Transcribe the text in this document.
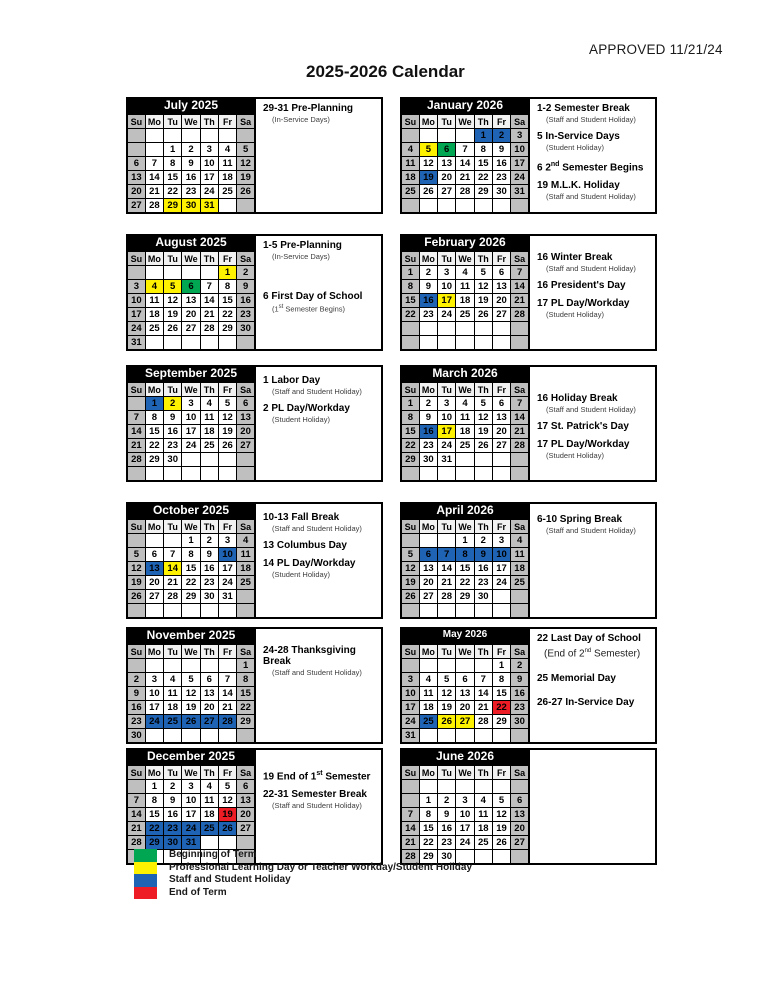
APPROVED 11/21/24
2025-2026 Calendar
July 2025
Su	Mo	Tu	We	Th	Fr	Sa

		1	2	3	4	5
6	7	8	9	10	11	12
13	14	15	16	17	18	19
20	21	22	23	24	25	26
27	28	29	30	31		
29-31 Pre-Planning
(In-Service Days)
January 2026
Su	Mo	Tu	We	Th	Fr	Sa
				1	2	3
4	5	6	7	8	9	10
11	12	13	14	15	16	17
18	19	20	21	22	23	24
25	26	27	28	29	30	31

1-2 Semester Break
(Staff and Student Holiday)
5 In-Service Days
(Student Holiday)
6 2nd Semester Begins
19 M.L.K. Holiday
(Staff and Student Holiday)
August 2025
Su	Mo	Tu	We	Th	Fr	Sa
					1	2
3	4	5	6	7	8	9
10	11	12	13	14	15	16
17	18	19	20	21	22	23
24	25	26	27	28	29	30
31						
1-5 Pre-Planning
(In-Service Days)
6 First Day of School
(1st Semester Begins)
February 2026
Su	Mo	Tu	We	Th	Fr	Sa
1	2	3	4	5	6	7
8	9	10	11	12	13	14
15	16	17	18	19	20	21
22	23	24	25	26	27	28

16 Winter Break
(Staff and Student Holiday)
16 President's Day
17 PL Day/Workday
(Student Holiday)
September 2025
Su	Mo	Tu	We	Th	Fr	Sa
	1	2	3	4	5	6
7	8	9	10	11	12	13
14	15	16	17	18	19	20
21	22	23	24	25	26	27
28	29	30				

1 Labor Day
(Staff and Student Holiday)
2 PL Day/Workday
(Student Holiday)
March 2026
Su	Mo	Tu	We	Th	Fr	Sa
1	2	3	4	5	6	7
8	9	10	11	12	13	14
15	16	17	18	19	20	21
22	23	24	25	26	27	28
29	30	31				

16 Holiday Break
(Staff and Student Holiday)
17 St. Patrick's Day
17 PL Day/Workday
(Student Holiday)
October 2025
Su	Mo	Tu	We	Th	Fr	Sa
			1	2	3	4
5	6	7	8	9	10	11
12	13	14	15	16	17	18
19	20	21	22	23	24	25
26	27	28	29	30	31	

10-13 Fall Break
(Staff and Student Holiday)
13 Columbus Day
14 PL Day/Workday
(Student Holiday)
April 2026
Su	Mo	Tu	We	Th	Fr	Sa
			1	2	3	4
5	6	7	8	9	10	11
12	13	14	15	16	17	18
19	20	21	22	23	24	25
26	27	28	29	30		

6-10 Spring Break
(Staff and Student Holiday)
November 2025
Su	Mo	Tu	We	Th	Fr	Sa
						1
2	3	4	5	6	7	8
9	10	11	12	13	14	15
16	17	18	19	20	21	22
23	24	25	26	27	28	29
30						
24-28 Thanksgiving Break
(Staff and Student Holiday)
May 2026
Su	Mo	Tu	We	Th	Fr	Sa
					1	2
3	4	5	6	7	8	9
10	11	12	13	14	15	16
17	18	19	20	21	22	23
24	25	26	27	28	29	30
31						
22 Last Day of School
(End of 2nd Semester)
25 Memorial Day
26-27 In-Service Day
December 2025
Su	Mo	Tu	We	Th	Fr	Sa
	1	2	3	4	5	6
7	8	9	10	11	12	13
14	15	16	17	18	19	20
21	22	23	24	25	26	27
28	29	30	31			

19 End of 1st Semester
22-31 Semester Break
(Staff and Student Holiday)
June 2026
Su	Mo	Tu	We	Th	Fr	Sa

	1	2	3	4	5	6
7	8	9	10	11	12	13
14	15	16	17	18	19	20
21	22	23	24	25	26	27
28	29	30				
Beginning of Term
Professional Learning Day or Teacher Workday/Student Holiday
Staff and Student Holiday
End of Term
